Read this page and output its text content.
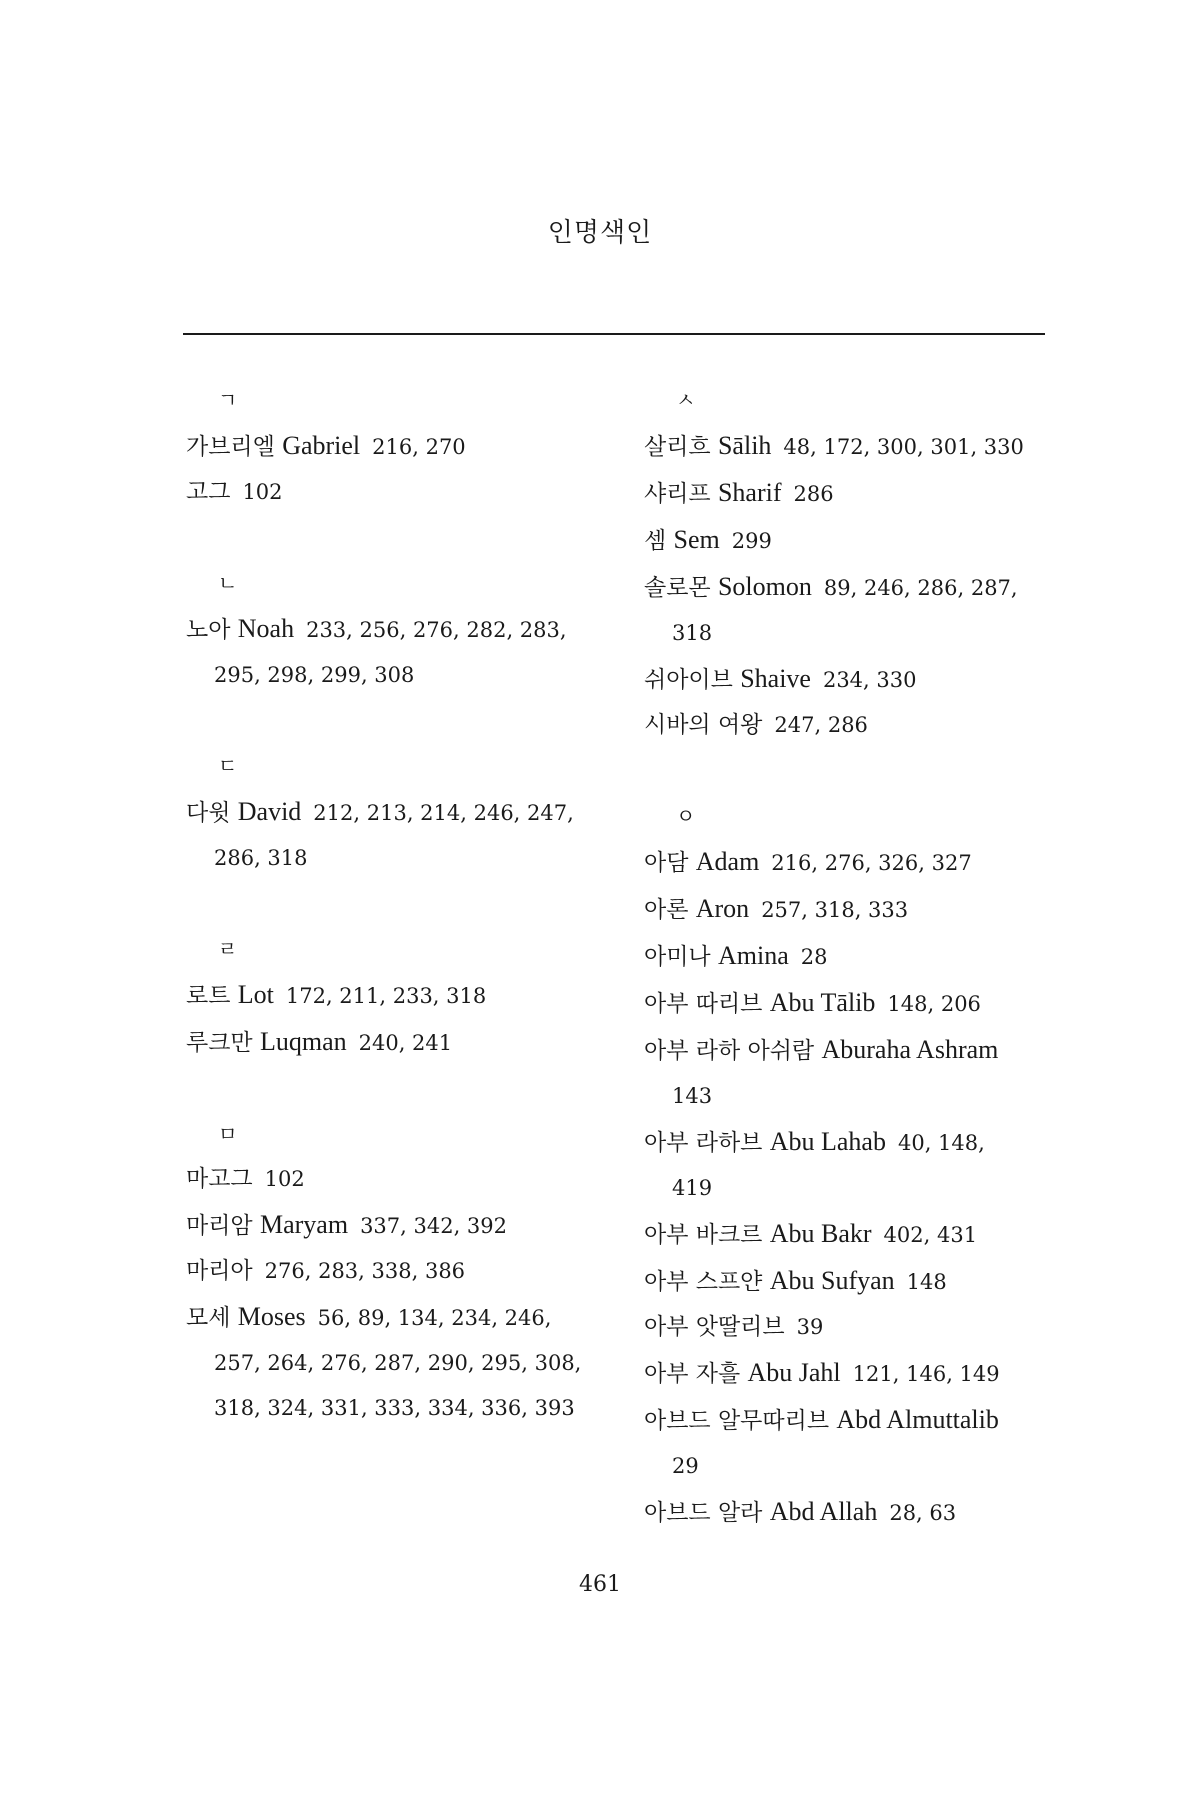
인명색인
ㄱ
가브리엘 Gabriel 216, 270
고그 102
ㄴ
노아 Noah 233, 256, 276, 282, 283,
295, 298, 299, 308
ㄷ
다윗 David 212, 213, 214, 246, 247,
286, 318
ㄹ
로트 Lot 172, 211, 233, 318
루크만 Luqman 240, 241
ㅁ
마고그 102
마리암 Maryam 337, 342, 392
마리아 276, 283, 338, 386
모세 Moses 56, 89, 134, 234, 246,
257, 264, 276, 287, 290, 295, 308,
318, 324, 331, 333, 334, 336, 393
ㅅ
살리흐 Sālih 48, 172, 300, 301, 330
샤리프 Sharif 286
셈 Sem 299
솔로몬 Solomon 89, 246, 286, 287,
318
쉬아이브 Shaive 234, 330
시바의 여왕 247, 286
ㅇ
아담 Adam 216, 276, 326, 327
아론 Aron 257, 318, 333
아미나 Amina 28
아부 따리브 Abu Tālib 148, 206
아부 라하 아쉬람 Aburaha Ashram
143
아부 라하브 Abu Lahab 40, 148,
419
아부 바크르 Abu Bakr 402, 431
아부 스프얀 Abu Sufyan 148
아부 앗딸리브 39
아부 자흘 Abu Jahl 121, 146, 149
아브드 알무따리브 Abd Almuttalib
29
아브드 알라 Abd Allah 28, 63
461
